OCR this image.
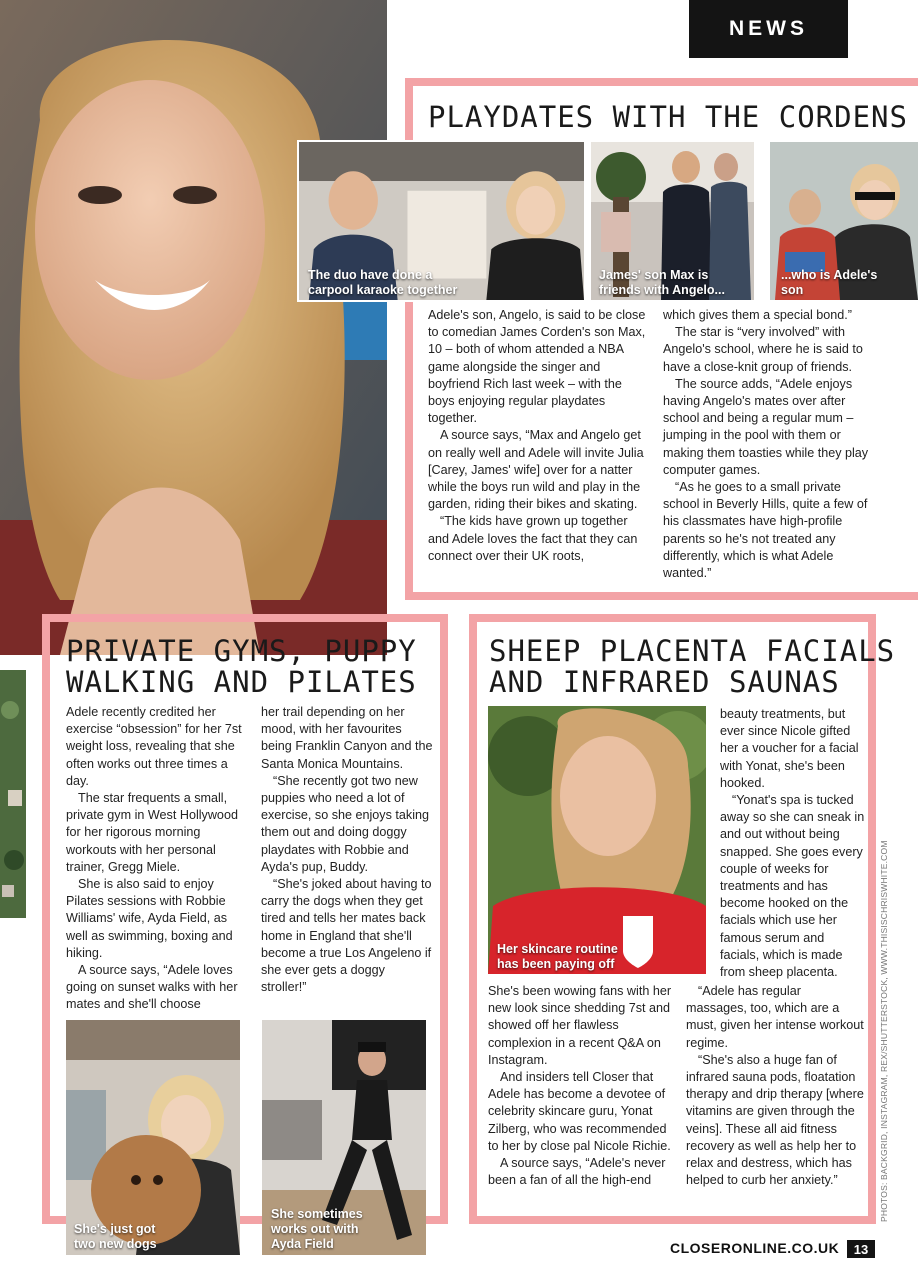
NEWS
PLAYDATES WITH THE CORDENS
The duo have done a carpool karaoke together
James' son Max is friends with Angelo...
...who is Adele's son

Adele's son, Angelo, is said to be close to comedian James Corden's son Max, 10 – both of whom attended a NBA game alongside the singer and boyfriend Rich last week – with the boys enjoying regular playdates together.

A source says, “Max and Angelo get on really well and Adele will invite Julia [Carey, James' wife] over for a natter while the boys run wild and play in the garden, riding their bikes and skating.

“The kids have grown up together and Adele loves the fact that they can connect over their UK roots,

which gives them a special bond.”

The star is “very involved” with Angelo's school, where he is said to have a close-knit group of friends.

The source adds, “Adele enjoys having Angelo's mates over after school and being a regular mum – jumping in the pool with them or making them toasties while they play computer games.

“As he goes to a small private school in Beverly Hills, quite a few of his classmates have high-profile parents so he's not treated any differently, which is what Adele wanted.”

PRIVATE GYMS, PUPPY
WALKING AND PILATES

Adele recently credited her exercise “obsession” for her 7st weight loss, revealing that she often works out three times a day.

The star frequents a small, private gym in West Hollywood for her rigorous morning workouts with her personal trainer, Gregg Miele.

She is also said to enjoy Pilates sessions with Robbie Williams' wife, Ayda Field, as well as swimming, boxing and hiking.

A source says, “Adele loves going on sunset walks with her mates and she'll choose

her trail depending on her mood, with her favourites being Franklin Canyon and the Santa Monica Mountains.

“She recently got two new puppies who need a lot of exercise, so she enjoys taking them out and doing doggy playdates with Robbie and Ayda's pup, Buddy.

“She's joked about having to carry the dogs when they get tired and tells her mates back home in England that she'll become a true Los Angeleno if she ever gets a doggy stroller!”

She's just got two new dogs
She sometimes works out with Ayda Field
SHEEP PLACENTA FACIALS
AND INFRARED SAUNAS
Her skincare routine has been paying off

beauty treatments, but ever since Nicole gifted her a voucher for a facial with Yonat, she's been hooked.

“Yonat's spa is tucked away so she can sneak in and out without being snapped. She goes every couple of weeks for treatments and has become hooked on the facials which use her famous serum and facials, which is made from sheep placenta.

She's been wowing fans with her new look since shedding 7st and showed off her flawless complexion in a recent Q&A on Instagram.

And insiders tell Closer that Adele has become a devotee of celebrity skincare guru, Yonat Zilberg, who was recommended to her by close pal Nicole Richie.

A source says, “Adele's never been a fan of all the high-end

“Adele has regular massages, too, which are a must, given her intense workout regime.

“She's also a huge fan of infrared sauna pods, floatation therapy and drip therapy [where vitamins are given through the veins]. These all aid fitness recovery as well as help her to relax and destress, which has helped to curb her anxiety.”

CLOSERONLINE.CO.UK	13
PHOTOS: BACKGRID, INSTAGRAM, REX/SHUTTERSTOCK, WWW.THISISCHRISWHITE.COM
